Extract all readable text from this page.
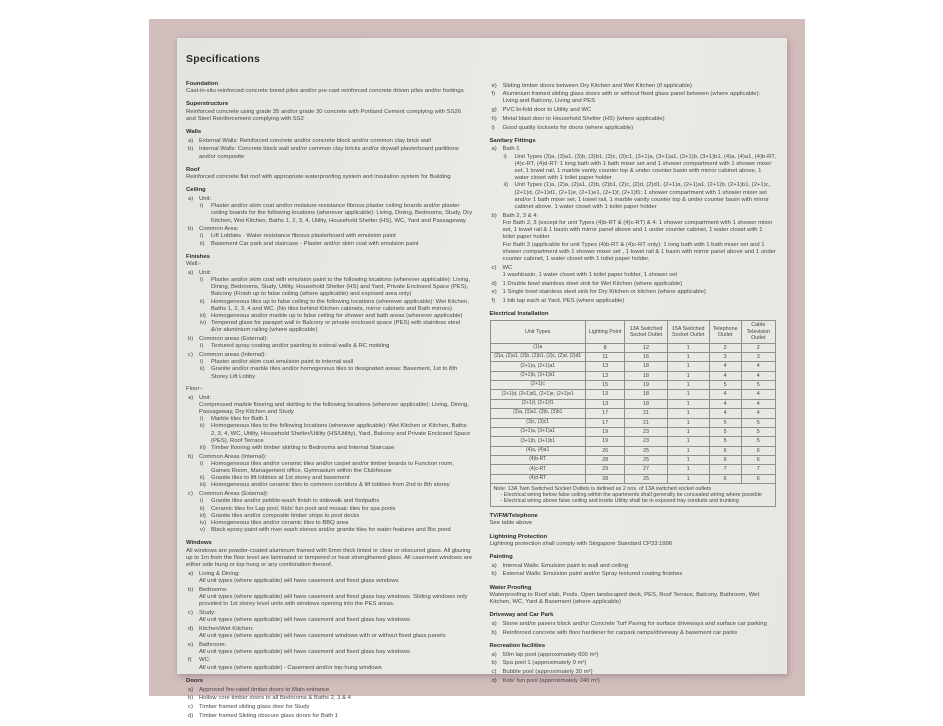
Specifications
Foundation
Cast-in-situ reinforced concrete bored piles and/or pre-cast reinforced concrete driven piles and/or footings
Superstructure
Reinforced concrete using grade 35 and/or grade 30 concrete with Portland Cement complying with SS26 and Steel Reinforcement complying with SS2
Walls
a) External Walls: Reinforced concrete and/or concrete block and/or common clay brick wall
b) Internal Walls: Concrete block wall and/or common clay bricks and/or drywall plasterboard partitions and/or composite
Roof
Reinforced concrete flat roof with appropriate waterproofing system and insulation system for Building
Ceiling
a) Unit:
i)	Plaster and/or skim coat and/or moisture resistance fibrous plaster ceiling boards and/or plaster ceiling boards for the following locations (wherever applicable): Living, Dining, Bedrooms, Study, Dry Kitchen, Wet Kitchen, Baths 1, 2, 3, 4, Utility, Household Shelter (HS), WC, Yard and Passageway
b) Common Area:
i)	Lift Lobbies - Water resistance fibrous plasterboard with emulsion paint
ii)	Basement Car park and staircase - Plaster and/or skim coat with emulsion paint
Finishes
Wall:-
a) Unit:
i)	Plaster and/or skim coat with emulsion paint to the following locations (wherever applicable): Living, Dining, Bedrooms, Study, Utility, Household Shelter (HS) and Yard, Private Enclosed Space (PES), Balcony (Finish up to false ceiling (where applicable) and exposed area only)
ii)	Homogeneous tiles up to false ceiling to the following locations (wherever applicable): Wet Kitchen, Baths 1, 2, 3, 4 and WC. (No tiles behind Kitchen cabinets, mirror cabinets and Bath mirrors)
iii) Homogeneous and/or marble up to false ceiling for shower and bath areas (wherever applicable)
iv) Tempered glass for parapet wall in Balcony or private enclosed space (PES) with stainless steel &/or aluminium railing (where applicable)
b) Common areas (External):
i)	Textured spray coating and/or painting to exteral walls & RC molding
c)	Common areas (Internal):
i)	Plaster and/or skim coat emulsion paint to internal wall
ii)	Granite and/or marble tiles and/or homogenous tiles to designated areas: Basement, 1st to 8th Storey Lift Lobby
Floor:-
a) Unit:
Compressed marble flooring and skirting to the following locations (wherever applicable): Living, Dining, Passageway, Dry Kitchen and Study
i)	Marble tiles for Bath 1
ii)	Homogeneous tiles to the following locations (wherever applicable): Wet Kitchen or Kitchen, Baths 2, 3, 4, WC, Utility, Household Shelter/Utility (HS/Utility), Yard, Balcony and Private Enclosed Space (PES), Roof Terrace
iii) Timber flooring with timber skirting to Bedrooms and Internal Staircase
b) Common Areas (Internal):
i)	Homogeneous tiles and/or ceramic tiles and/or carpet and/or timber boards to Function room, Games Room, Management office, Gymnasium within the Clubhouse
ii)	Granite tiles to lift lobbies at 1st storey and basement
iii) Homogeneous and/or ceramic tiles to common corridors & lift lobbies from 2nd to 8th storey
c)	Common Areas (External):
i)	Granite tiles and/or pebble-wash finish to sidewalk and footpaths
ii)	Ceramic tiles for Lap pool, Kids' fun pool and mosaic tiles for spa pools
iii) Granite tiles and/or composite timber strips to pool decks
iv) Homogeneous tiles and/or ceramic tiles to BBQ area
v)	Black epoxy paint with river wash stones and/or granite tiles for water features and Bio pond
Windows
All windows are powder-coated aluminum framed with 6mm thick tinted or clear or obscured glass. All glazing up to 1m from the floor level are laminated or tempered or heat strengthened glass. All casement windows are either side hung or top hung or any combination thereof.
a) Living & Dining:
All unit types (where applicable) will have casement and fixed glass windows
b) Bedrooms:
All unit types (where applicable) will have casement and fixed glass bay windows. Sliding windows only provided to 1st storey level units with windows opening into the PES areas.
c)	Study:
All unit types (where applicable) will have casement and fixed glass bay windows
d) Kitchen/Wet Kitchen:
All unit types (where applicable) will have casement windows with or without fixed glass panels
e) Bathroom:
All unit types (where applicable) will have casement and fixed glass bay windows
f)	WC:
All unit types (where applicable) - Casement and/or top-hung windows
Doors
a) Approved fire-rated timber doors to Main entrance
b) Hollow core timber doors to all Bedrooms & Baths 2, 3 & 4
c)	Timber framed sliding glass door for Study
d) Timber framed Sliding obscure glass doors for Bath 1
e) Sliding timber doors between Dry Kitchen and Wet Kitchen (if applicable)
f)	Aluminium framed sliding glass doors with or without fixed glass panel between (where applicable): Living and Balcony, Living and PES
g) PVC bi-fold door to Utility and WC
h) Metal blast door to Household Shelter (HS) (where applicable)
i)	Good quality locksets for doors (where applicable)
Sanitary Fittings
a) Bath 1
i)	Unit Types (3)a, (3)a1, (3)b, (3)b1, (3)c, (3)c1, (3+1)a, (3+1)a1, (3+1)b, (3+1)b1, (4)a, (4)a1, (4)b-RT, (4)c-RT, (4)d-RT: 1 long bath with 1 bath mixer set and 1 shower compartment with 1 shower mixer set, 1 towel rail, 1 marble vanity counter top & under counter basin with mirror cabinet above, 1 water closet with 1 toilet paper holder
ii)	Unit Types (1)a, (2)a, (2)a1, (2)b, (2)b1, (2)c, (2)d, (2)d1, (2+1)a, (2+1)a1, (2+1)b, (2+1)b1, (2+1)c, (2+1)d, (2+1)d1, (2+1)e, (2+1)e1, (2+1)f, (2+1)f1: 1 shower compartment with 1 shower mixer set and/or 1 bath mixer set, 1 towel rail, 1 marble vanity counter top & under counter basin with mirror cabinet above, 1 water closet with 1 toilet paper holder
b) Bath 2, 3 & 4:
For Bath 2, 3 (except for unit Types (4)b-RT & (4)c-RT) & 4: 1 shower compartment with 1 shower mixer set, 1 towel rail & 1 basin with mirror panel above and 1 under counter cabinet, 1 water closet with 1 toilet paper holder
For Bath 3 (applicable for unit Types (4)b-RT & (4)c-RT only): 1 long bath with 1 bath mixer set and 1 shower compartment with 1 shower mixer set , 1 towel rail & 1 basin with mirror panel above and 1 under counter cabinet, 1 water closet with 1 toilet paper holder.
c)	WC
1 washbasin, 1 water closet with 1 toilet paper holder, 1 shower set
d) 1 Double bowl stainless steel sink for Wet Kitchen (where applicable)
e) 1 Single bowl stainless steel sink for Dry Kitchen or kitchen (where applicable)
f)	1 bib tap each at Yard, PES (where applicable)
Electrical Installation
Unit Types	Lighting Point	13A Switched Socket Outlet	15A Switched Socket Outlet	Telephone Outlet	Cable Television Outlet
(1)a	8	12	1	2	2
(2)a, (2)a1, (2)b, (2)b1, (2)c, (2)d, (2)d1	11	16	1	3	3
(2+1)a, (2+1)a1	13	18	1	4	4
(2+1)b, (2+1)b1	13	18	1	4	4
(2+1)c	15	19	1	5	5
(2+1)d, (2+1)d1, (2+1)e, (2+1)e1	13	18	1	4	4
(2+1)f, (2+1)f1	13	18	1	4	4
(3)a, (3)a1, (3)b, (3)b1	17	21	1	4	4
(3)c, (3)c1	17	21	1	5	5
(3+1)a, (3+1)a1	19	23	1	5	5
(3+1)b, (3+1)b1	19	23	1	5	5
(4)a, (4)a1	20	25	1	6	6
(4)b-RT	28	25	1	6	6
(4)c-RT	29	27	1	7	7
(4)d-RT	28	25	1	6	6

Note: 13A Twin Switched Socket Outlets is defined as 2 nos. of 13A switched socket outlets
- Electrical wiring below false ceiling within the apartments shall generally be concealed wiring where possible
- Electrical wiring above false ceiling and inside Utility shall be in exposed tray conduits and trunking					
TV/FM/Telephone
See table above
Lightning Protection
Lightning protection shall comply with Singapore Standard CP33:1996
Painting
a) Internal Walls: Emulsion paint to wall and ceiling
b) External Walls: Emulsion paint and/or Spray textured coating finishes
Water Proofing
Waterproofing to Roof slab, Pools, Open landscaped deck, PES, Roof Terrace, Balcony, Bathroom, Wet Kitchen, WC, Yard & Basement (where applicable)
Driveway and Car Park
a) Stone and/or pavers block and/or Concrete Turf Paving for surface driveways and surface car parking
b) Reinforced concrete with floor hardener for carpark ramps/driveway & basement car parks
Recreation facilities
a) 50m lap pool (approximately 600 m²)
b) Spa pool 1 (approximately 9 m²)
c)	Bubble pool (approximately 30 m²)
d) Kids' fun pool (approximately 240 m²)
